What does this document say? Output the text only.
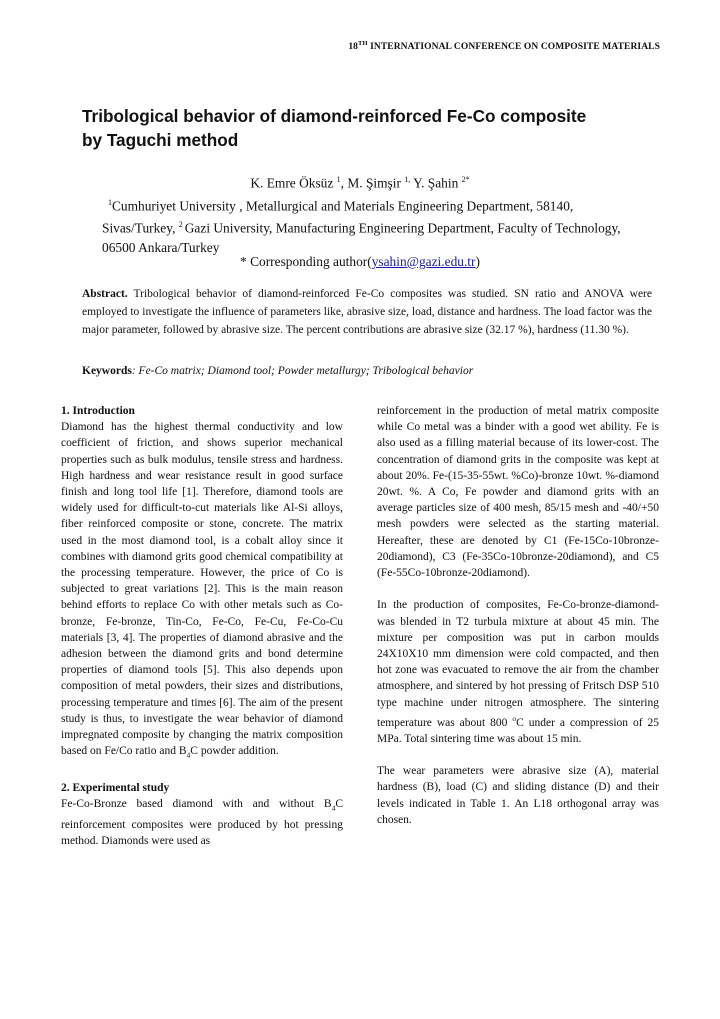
18TH INTERNATIONAL CONFERENCE ON COMPOSITE MATERIALS
Tribological behavior of diamond-reinforced Fe-Co composite
by Taguchi method
K. Emre Öksüz $^1$, M. Şimşir $^{1,}$ Y. Şahin $^{2*}$
$^1$Cumhuriyet University , Metallurgical and Materials Engineering Department, 58140, Sivas/Turkey, $^2$ Gazi University, Manufacturing Engineering Department, Faculty of Technology, 06500 Ankara/Turkey
* Corresponding author(ysahin@gazi.edu.tr)
Abstract. Tribological behavior of diamond-reinforced Fe-Co composites was studied. SN ratio and ANOVA were employed to investigate the influence of parameters like, abrasive size, load, distance and hardness. The load factor was the major parameter, followed by abrasive size. The percent contributions are abrasive size (32.17 %), hardness (11.30 %).
Keywords: Fe-Co matrix; Diamond tool; Powder metallurgy; Tribological behavior

1. Introduction

Diamond has the highest thermal conductivity and low coefficient of friction, and shows superior mechanical properties such as bulk modulus, tensile stress and hardness. High hardness and wear resistance result in good surface finish and long tool life [1]. Therefore, diamond tools are widely used for difficult-to-cut materials like Al-Si alloys, fiber reinforced composite or stone, concrete. The matrix used in the most diamond tool, is a cobalt alloy since it combines with diamond grits good chemical compatibility at the processing temperature. However, the price of Co is subjected to great variations [2]. This is the main reason behind efforts to replace Co with other metals such as Co-bronze, Fe-bronze, Tin-Co, Fe-Co, Fe-Cu, Fe-Co-Cu materials [3, 4]. The properties of diamond abrasive and the adhesion between the diamond grits and bond determine properties of diamond tools [5]. This also depends upon composition of metal powders, their sizes and distributions, processing temperature and times [6]. The aim of the present study is thus, to investigate the wear behavior of diamond impregnated composite by changing the matrix composition based on Fe/Co ratio and $B_4C$ powder addition.

2. Experimental study

Fe-Co-Bronze based diamond with and without $B_4C$ reinforcement composites were produced by hot pressing method. Diamonds were used as

reinforcement in the production of metal matrix composite while Co metal was a binder with a good wet ability. Fe is also used as a filling material because of its lower-cost. The concentration of diamond grits in the composite was kept at about 20%. Fe-(15-35-55wt. %Co)-bronze 10wt. %-diamond 20wt. %. A Co, Fe powder and diamond grits with an average particles size of 400 mesh, 85/15 mesh and -40/+50 mesh powders were selected as the starting material. Hereafter, these are denoted by C1 (Fe-15Co-10bronze-20diamond), C3 (Fe-35Co-10bronze-20diamond), and C5 (Fe-55Co-10bronze-20diamond).

In the production of composites, Fe-Co-bronze-diamond- was blended in T2 turbula mixture at about 45 min. The mixture per composition was put in carbon moulds 24X10X10 mm dimension were cold compacted, and then hot zone was evacuated to remove the air from the chamber atmosphere, and sintered by hot pressing of Fritsch DSP 510 type machine under nitrogen atmosphere. The sintering temperature was about 800 $^o$C under a compression of 25 MPa. Total sintering time was about 15 min.

The wear parameters were abrasive size (A), material hardness (B), load (C) and sliding distance (D) and their levels indicated in Table 1. An L18 orthogonal array was chosen.
